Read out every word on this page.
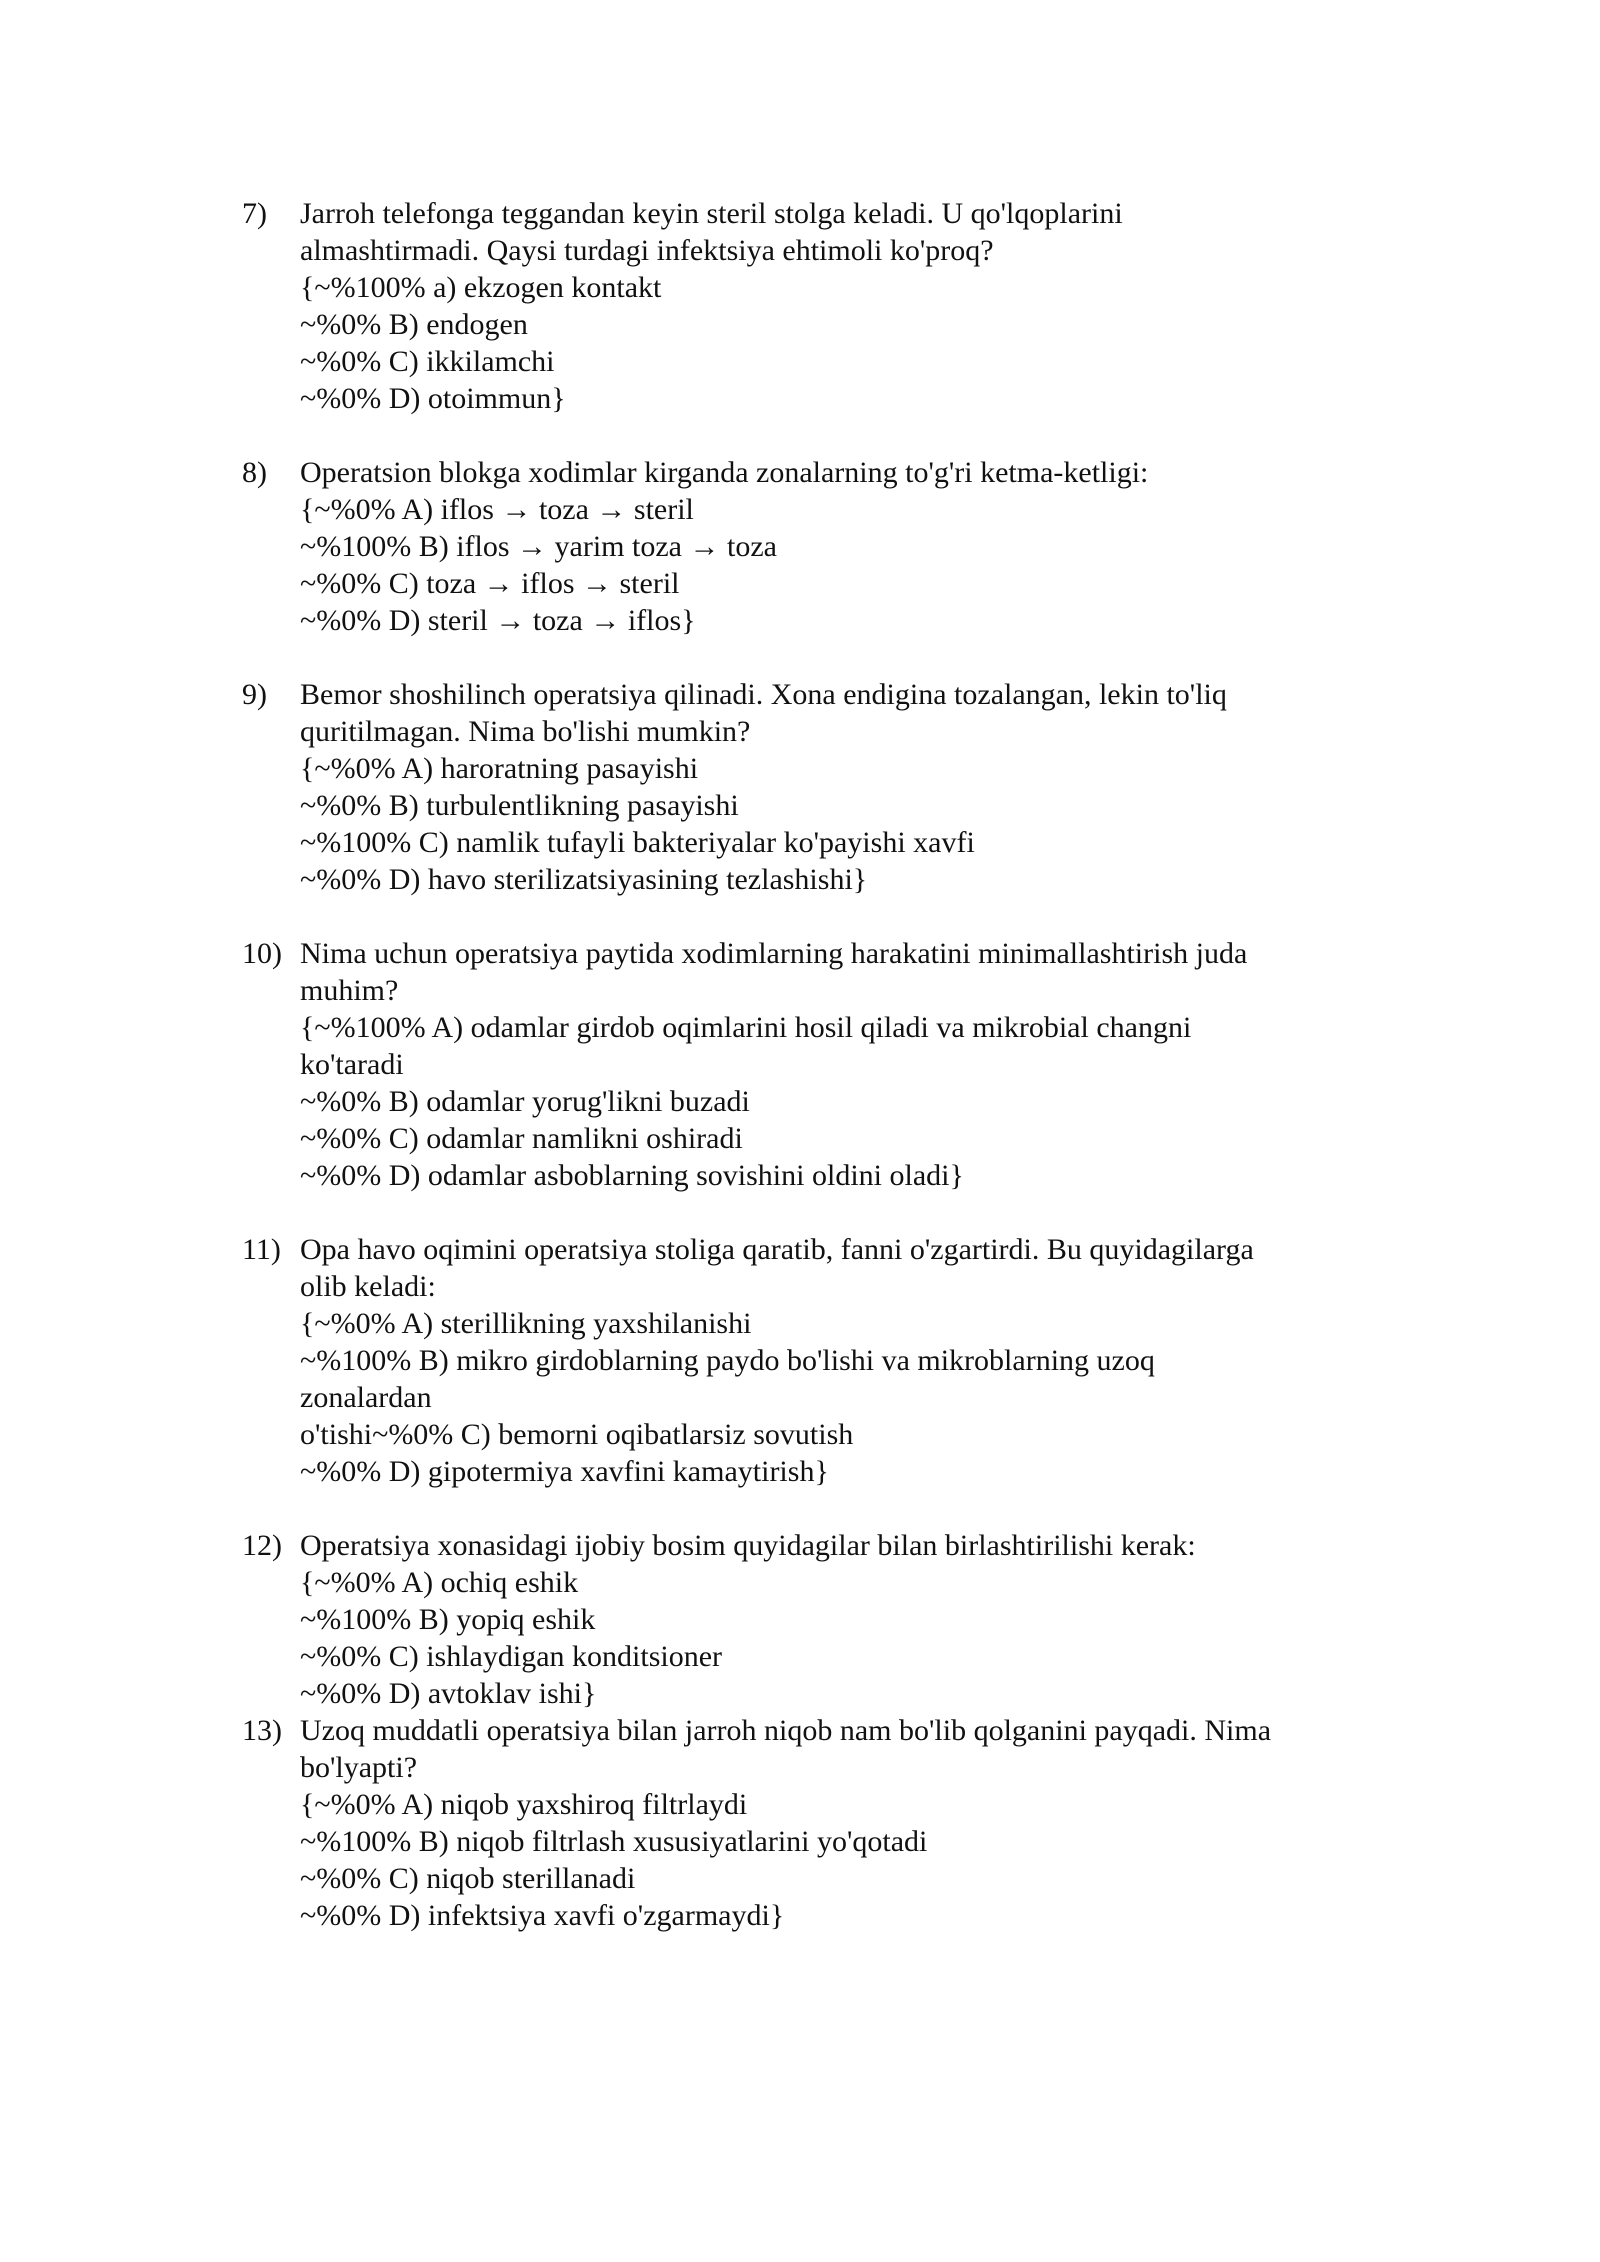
7)	Jarroh telefonga teggandan keyin steril stolga keladi. U qo'lqoplarini
almashtirmadi. Qaysi turdagi infektsiya ehtimoli ko'proq?
{~%100% a) ekzogen kontakt
~%0% B) endogen
~%0% C) ikkilamchi
~%0% D) otoimmun}
8)	Operatsion blokga xodimlar kirganda zonalarning to'g'ri ketma-ketligi:
{~%0% A) iflos → toza → steril
~%100% B) iflos → yarim toza → toza
~%0% C) toza → iflos → steril
~%0% D) steril → toza → iflos}
9)	Bemor shoshilinch operatsiya qilinadi. Xona endigina tozalangan, lekin to'liq
quritilmagan. Nima bo'lishi mumkin?
{~%0% A) haroratning pasayishi
~%0% B) turbulentlikning pasayishi
~%100% C) namlik tufayli bakteriyalar ko'payishi xavfi
~%0% D) havo sterilizatsiyasining tezlashishi}
10) Nima uchun operatsiya paytida xodimlarning harakatini minimallashtirish juda
muhim?
{~%100% A) odamlar girdob oqimlarini hosil qiladi va mikrobial changni
ko'taradi
~%0% B) odamlar yorug'likni buzadi
~%0% C) odamlar namlikni oshiradi
~%0% D) odamlar asboblarning sovishini oldini oladi}
11) Opa havo oqimini operatsiya stoliga qaratib, fanni o'zgartirdi. Bu quyidagilarga
olib keladi:
{~%0% A) sterillikning yaxshilanishi
~%100% B) mikro girdoblarning paydo bo'lishi va mikroblarning uzoq
zonalardan
o'tishi~%0% C) bemorni oqibatlarsiz sovutish
~%0% D) gipotermiya xavfini kamaytirish}
12) Operatsiya xonasidagi ijobiy bosim quyidagilar bilan birlashtirilishi kerak:
{~%0% A) ochiq eshik
~%100% B) yopiq eshik
~%0% C) ishlaydigan konditsioner
~%0% D) avtoklav ishi}
13) Uzoq muddatli operatsiya bilan jarroh niqob nam bo'lib qolganini payqadi. Nima
bo'lyapti?
{~%0% A) niqob yaxshiroq filtrlaydi
~%100% B) niqob filtrlash xususiyatlarini yo'qotadi
~%0% C) niqob sterillanadi
~%0% D) infektsiya xavfi o'zgarmaydi}
